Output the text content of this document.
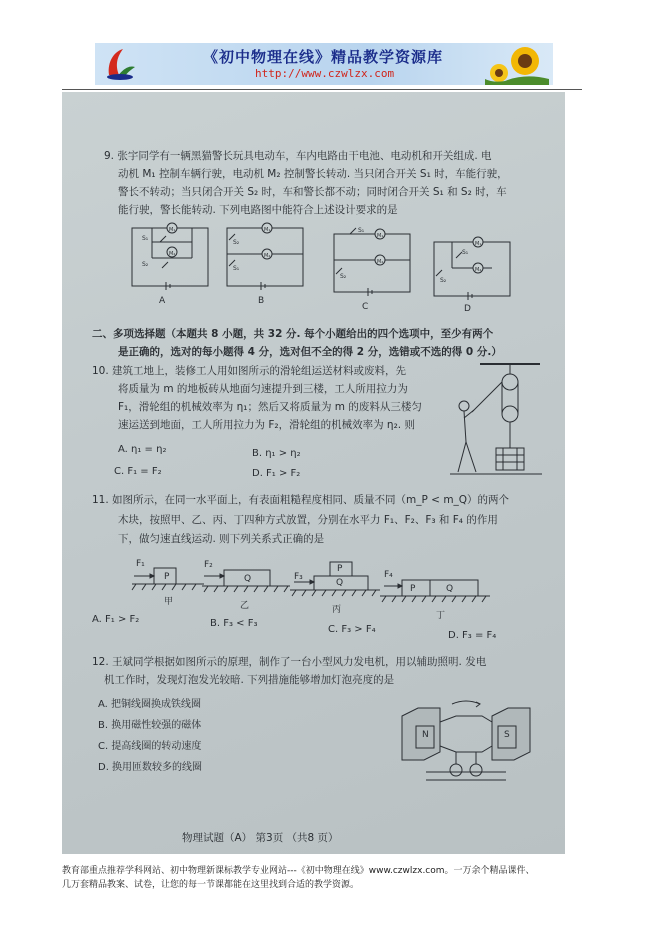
《初中物理在线》精品教学资源库
http://www.czwlzx.com
9. 张宇同学有一辆黑猫警长玩具电动车，车内电路由干电池、电动机和开关组成. 电
动机 M₁ 控制车辆行驶，电动机 M₂ 控制警长转动. 当只闭合开关 S₁ 时，车能行驶，
警长不转动；当只闭合开关 S₂ 时，车和警长都不动；同时闭合开关 S₁ 和 S₂ 时，车
能行驶，警长能转动. 下列电路图中能符合上述设计要求的是
M₁
M₂
S₁
S₂
A
M₁
M₂
S₂
S₁
B
M₁
M₂
S₁
S₂
C
M₁
M₂
S₁
S₂
D
二、多项选择题（本题共 8 小题，共 32 分. 每个小题给出的四个选项中，至少有两个
是正确的，选对的每小题得 4 分，选对但不全的得 2 分，选错或不选的得 0 分.）
10. 建筑工地上，装修工人用如图所示的滑轮组运送材料或废料，先
将质量为 m 的地板砖从地面匀速提升到三楼，工人所用拉力为
F₁，滑轮组的机械效率为 η₁；然后又将质量为 m 的废料从三楼匀
速运送到地面，工人所用拉力为 F₂，滑轮组的机械效率为 η₂. 则
A. η₁ = η₂	B. η₁ > η₂
C. F₁ = F₂	D. F₁ > F₂
11. 如图所示，在同一水平面上，有表面粗糙程度相同、质量不同（m_P < m_Q）的两个
木块，按照甲、乙、丙、丁四种方式放置，分别在水平力 F₁、F₂、F₃ 和 F₄ 的作用
下，做匀速直线运动. 则下列关系式正确的是
F₁
P
甲
F₂
Q
乙
F₃
P
Q
丙
F₄
P	Q
丁
A. F₁ > F₂	B. F₃ < F₃
C. F₃ > F₄
D. F₃ = F₄
12. 王斌同学根据如图所示的原理，制作了一台小型风力发电机，用以辅助照明. 发电
机工作时，发现灯泡发光较暗. 下列措施能够增加灯泡亮度的是
A. 把铜线圈换成铁线圈
B. 换用磁性较强的磁体
C. 提高线圈的转动速度
D. 换用匝数较多的线圈
N	S
物理试题（A） 第3页 （共8 页）
教育部重点推荐学科网站、初中物理新课标教学专业网站---《初中物理在线》www.czwlzx.com。一万余个精品课件、
几万套精品教案、试卷，让您的每一节课都能在这里找到合适的教学资源。
